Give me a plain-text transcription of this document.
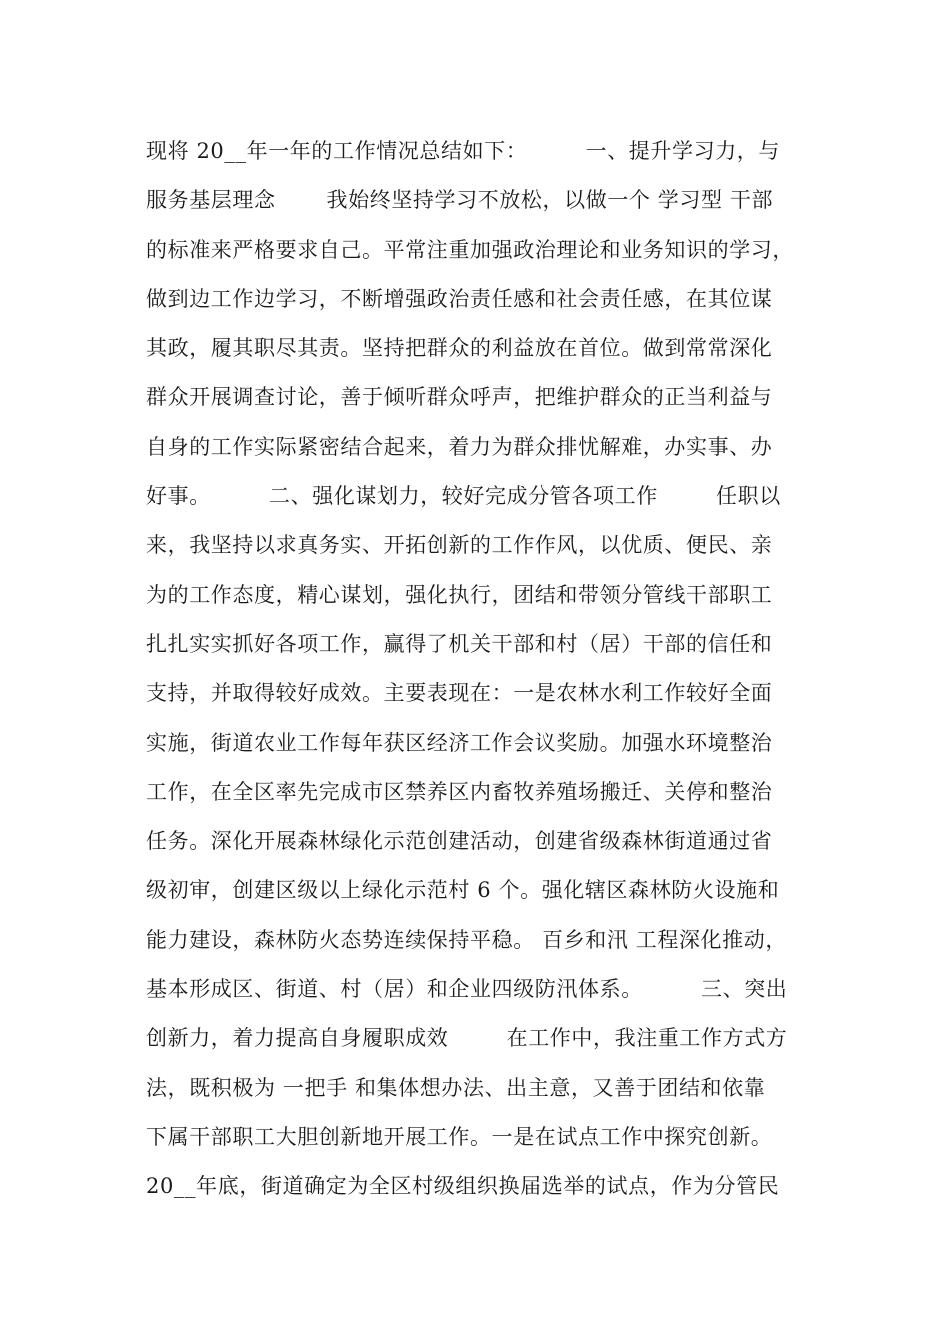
现将 20__年一年的工作情况总结如下：        一、提升学习力，与
服务基层理念       我始终坚持学习不放松，以做一个 学习型 干部
的标准来严格要求自己。平常注重加强政治理论和业务知识的学习，
做到边工作边学习，不断增强政治责任感和社会责任感，在其位谋
其政，履其职尽其责。坚持把群众的利益放在首位。做到常常深化
群众开展调查讨论，善于倾听群众呼声，把维护群众的正当利益与
自身的工作实际紧密结合起来，着力为群众排忧解难，办实事、办
好事。        二、强化谋划力，较好完成分管各项工作        任职以
来，我坚持以求真务实、开拓创新的工作作风，以优质、便民、亲
为的工作态度，精心谋划，强化执行，团结和带领分管线干部职工
扎扎实实抓好各项工作，赢得了机关干部和村（居）干部的信任和
支持，并取得较好成效。主要表现在：一是农林水利工作较好全面
实施，街道农业工作每年获区经济工作会议奖励。加强水环境整治
工作，在全区率先完成市区禁养区内畜牧养殖场搬迁、关停和整治
任务。深化开展森林绿化示范创建活动，创建省级森林街道通过省
级初审，创建区级以上绿化示范村 6 个。强化辖区森林防火设施和
能力建设，森林防火态势连续保持平稳。 百乡和汛 工程深化推动，
基本形成区、街道、村（居）和企业四级防汛体系。        三、突出
创新力，着力提高自身履职成效        在工作中，我注重工作方式方
法，既积极为 一把手 和集体想办法、出主意，又善于团结和依靠
下属干部职工大胆创新地开展工作。一是在试点工作中探究创新。
20__年底，街道确定为全区村级组织换届选举的试点，作为分管民
